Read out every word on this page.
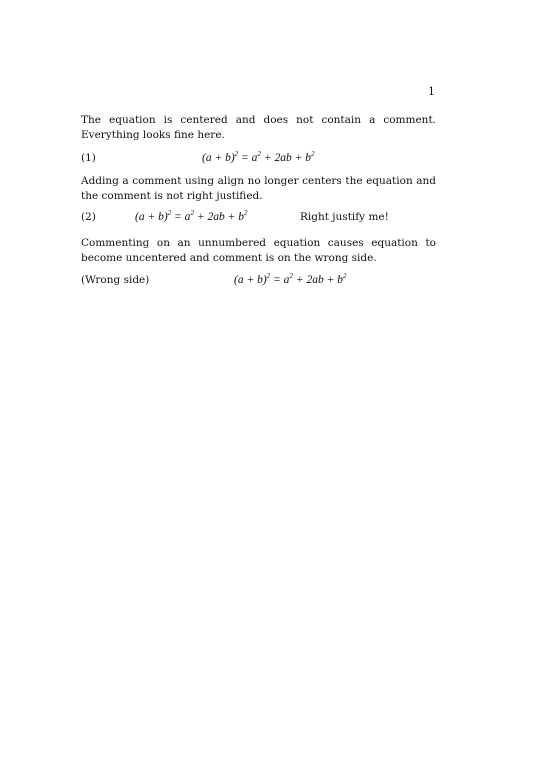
1

The equation is centered and does not contain a comment. Everything looks fine here.

(1)	$(a + b)^2 = a^2 + 2ab + b^2$

Adding a comment using align no longer centers the equation and the comment is not right justified.

(2)	$(a + b)^2 = a^2 + 2ab + b^2$	Right justify me!

Commenting on an unnumbered equation causes equation to become uncentered and comment is on the wrong side.

(Wrong side)	$(a + b)^2 = a^2 + 2ab + b^2$
